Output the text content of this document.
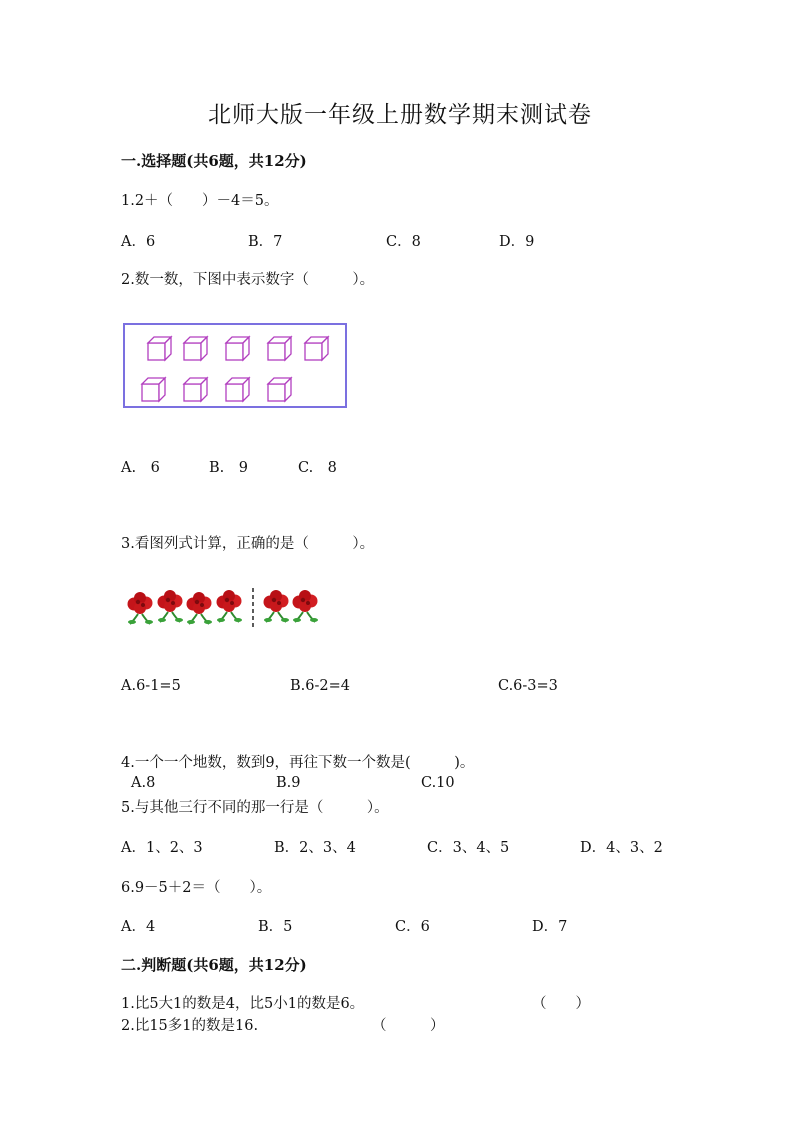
北师大版一年级上册数学期末测试卷
一.选择题(共6题，共12分)
1.2＋（　　）－4＝5。
A．6	B．7	C．8	D．9
2.数一数，下图中表示数字（　　　）。
A.　6	B.　9	C.　8
3.看图列式计算，正确的是（　　　）。
A.6-1=5	B.6-2=4	C.6-3=3
4.一个一个地数，数到9，再往下数一个数是(　　　)。
A.8	B.9	C.10
5.与其他三行不同的那一行是（　　　）。
A．1、2、3	B．2、3、4	C．3、4、5	D．4、3、2
6.9－5＋2＝（　　）。
A．4	B．5	C．6	D．7
二.判断题(共6题，共12分)
1.比5大1的数是4，比5小1的数是6。	（　　）
2.比15多1的数是16.	（　　　）
